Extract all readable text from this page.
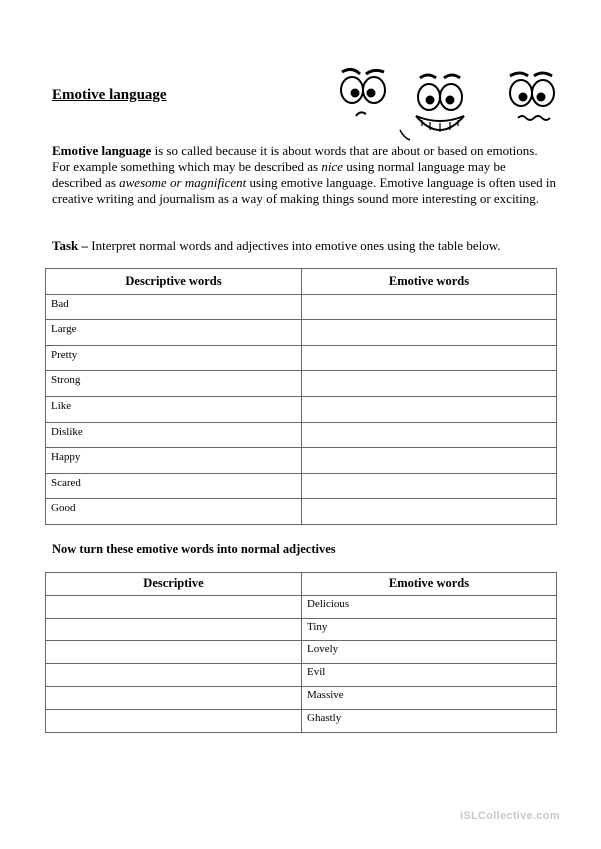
Emotive language
Emotive language is so called because it is about words that are about or based on emotions. For example something which may be described as nice using normal language may be described as awesome or magnificent using emotive language. Emotive language is often used in creative writing and journalism as a way of making things sound more interesting or exciting.
Task – Interpret normal words and adjectives into emotive ones using the table below.
Descriptive words	Emotive words
Bad	
Large	
Pretty	
Strong	
Like	
Dislike	
Happy	
Scared	
Good	
Now turn these emotive words into normal adjectives
Descriptive	Emotive words
	Delicious
	Tiny
	Lovely
	Evil
	Massive
	Ghastly
iSLCollective.com
